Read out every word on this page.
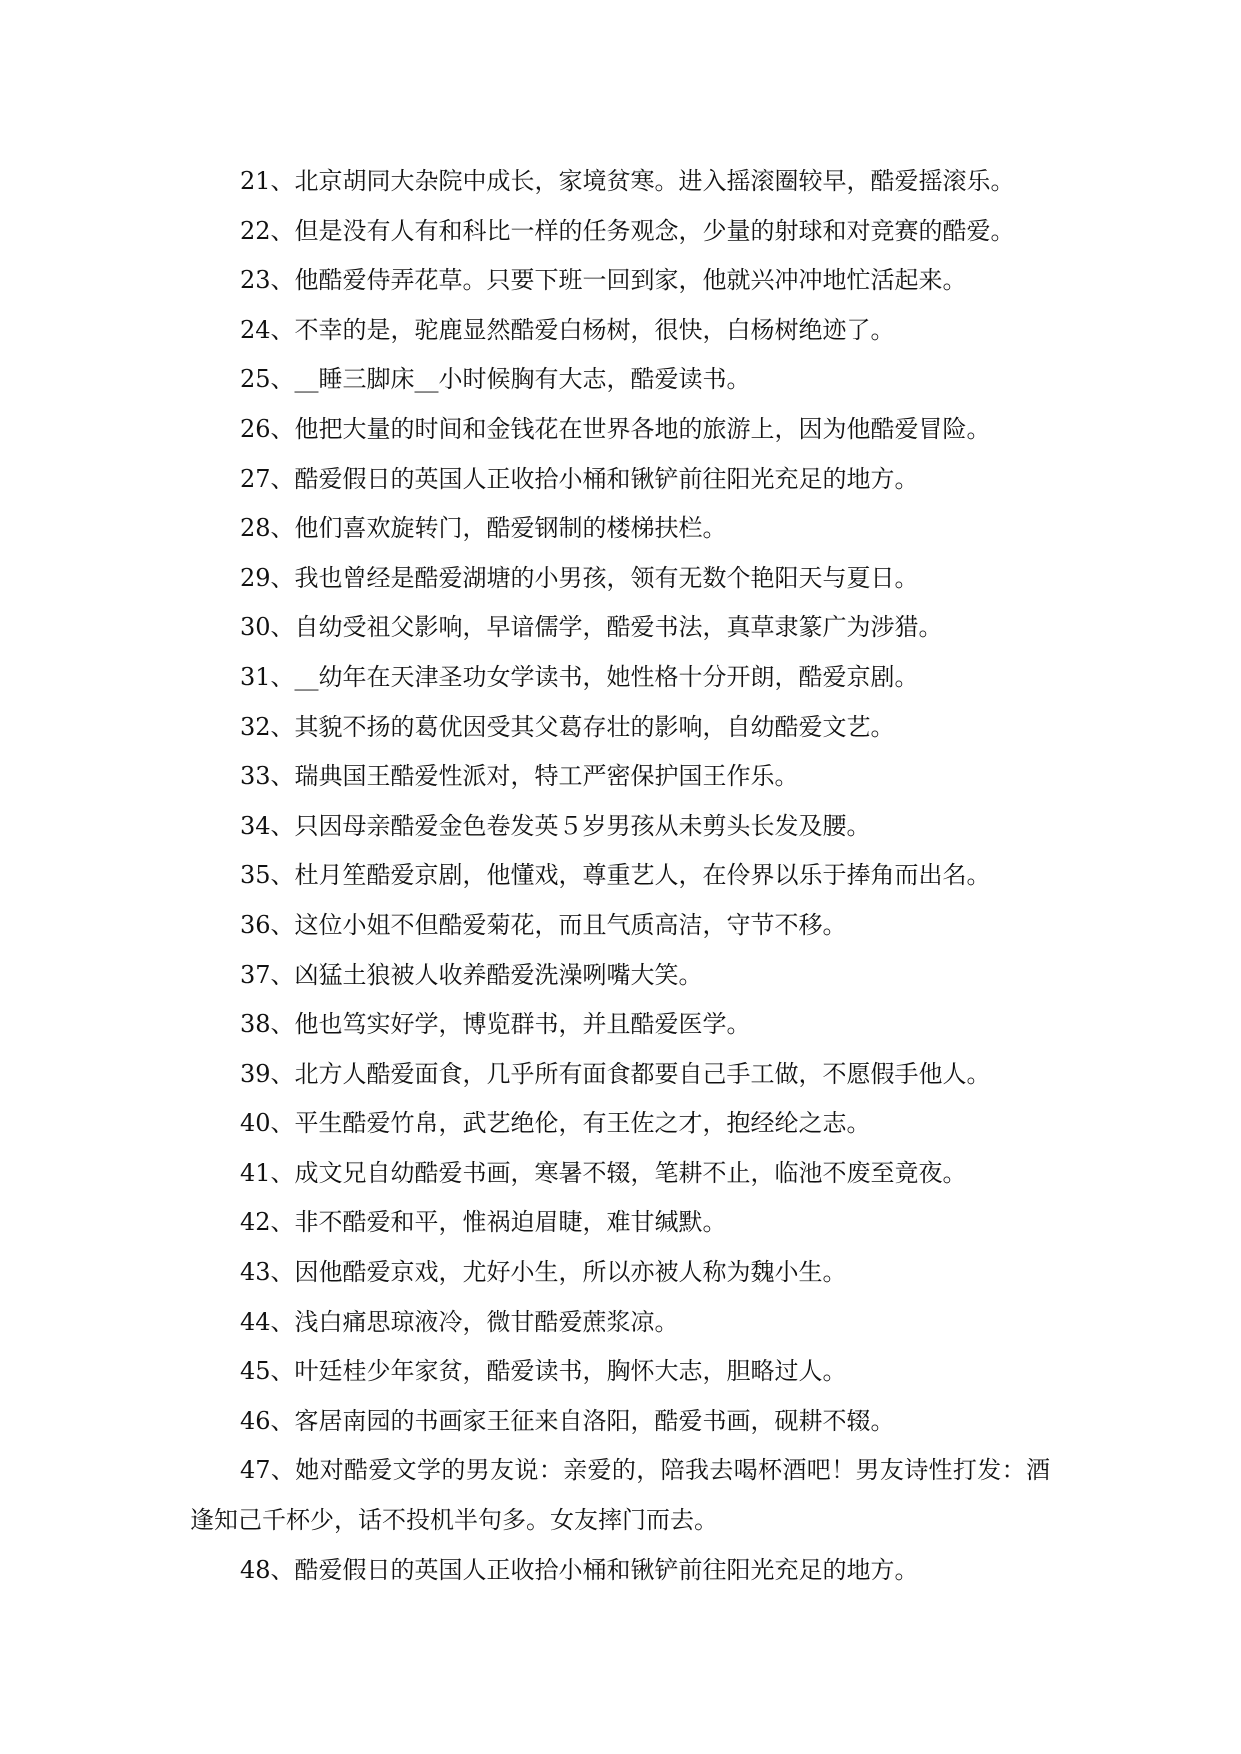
21、北京胡同大杂院中成长，家境贫寒。进入摇滚圈较早，酷爱摇滚乐。

22、但是没有人有和科比一样的任务观念，少量的射球和对竞赛的酷爱。

23、他酷爱侍弄花草。只要下班一回到家，他就兴冲冲地忙活起来。

24、不幸的是，驼鹿显然酷爱白杨树，很快，白杨树绝迹了。

25、__睡三脚床__小时候胸有大志，酷爱读书。

26、他把大量的时间和金钱花在世界各地的旅游上，因为他酷爱冒险。

27、酷爱假日的英国人正收拾小桶和锹铲前往阳光充足的地方。

28、他们喜欢旋转门，酷爱钢制的楼梯扶栏。

29、我也曾经是酷爱湖塘的小男孩，领有无数个艳阳天与夏日。

30、自幼受祖父影响，早谙儒学，酷爱书法，真草隶篆广为涉猎。

31、__幼年在天津圣功女学读书，她性格十分开朗，酷爱京剧。

32、其貌不扬的葛优因受其父葛存壮的影响，自幼酷爱文艺。

33、瑞典国王酷爱性派对，特工严密保护国王作乐。

34、只因母亲酷爱金色卷发英５岁男孩从未剪头长发及腰。

35、杜月笙酷爱京剧，他懂戏，尊重艺人，在伶界以乐于捧角而出名。

36、这位小姐不但酷爱菊花，而且气质高洁，守节不移。

37、凶猛土狼被人收养酷爱洗澡咧嘴大笑。

38、他也笃实好学，博览群书，并且酷爱医学。

39、北方人酷爱面食，几乎所有面食都要自己手工做，不愿假手他人。

40、平生酷爱竹帛，武艺绝伦，有王佐之才，抱经纶之志。

41、成文兄自幼酷爱书画，寒暑不辍，笔耕不止，临池不废至竟夜。

42、非不酷爱和平，惟祸迫眉睫，难甘缄默。

43、因他酷爱京戏，尤好小生，所以亦被人称为魏小生。

44、浅白痛思琼液冷，微甘酷爱蔗浆凉。

45、叶廷桂少年家贫，酷爱读书，胸怀大志，胆略过人。

46、客居南园的书画家王征来自洛阳，酷爱书画，砚耕不辍。

47、她对酷爱文学的男友说：亲爱的，陪我去喝杯酒吧！男友诗性打发：酒逢知己千杯少，话不投机半句多。女友摔门而去。

48、酷爱假日的英国人正收拾小桶和锹铲前往阳光充足的地方。
